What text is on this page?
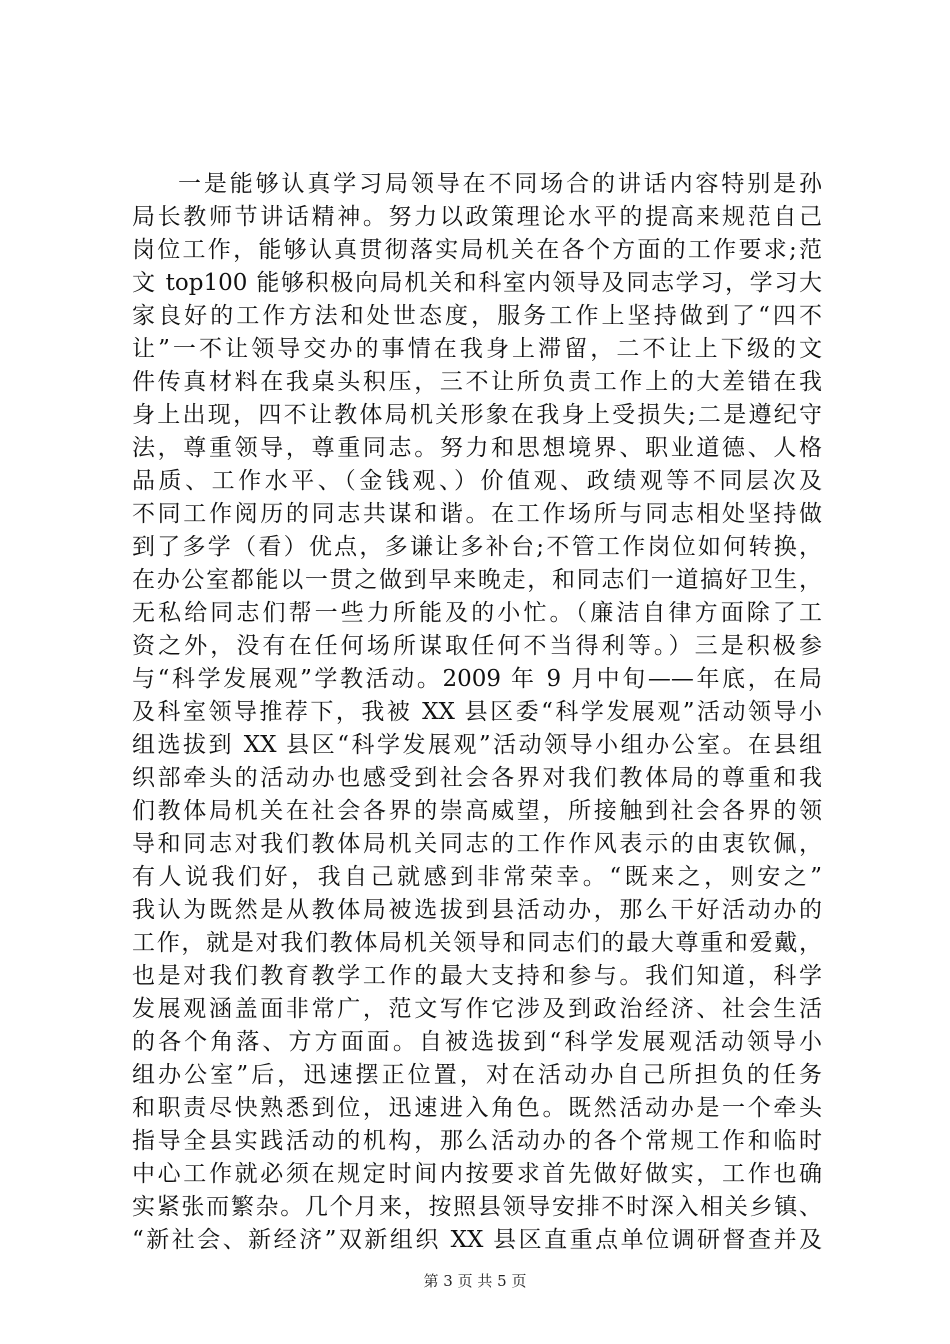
一是能够认真学习局领导在不同场合的讲话内容特别是孙
局长教师节讲话精神。努力以政策理论水平的提高来规范自己
岗位工作，能够认真贯彻落实局机关在各个方面的工作要求;范
文 top100 能够积极向局机关和科室内领导及同志学习，学习大
家良好的工作方法和处世态度，服务工作上坚持做到了“四不
让”一不让领导交办的事情在我身上滞留，二不让上下级的文
件传真材料在我桌头积压，三不让所负责工作上的大差错在我
身上出现，四不让教体局机关形象在我身上受损失;二是遵纪守
法，尊重领导，尊重同志。努力和思想境界、职业道德、人格
品质、工作水平、（金钱观、）价值观、政绩观等不同层次及
不同工作阅历的同志共谋和谐。在工作场所与同志相处坚持做
到了多学（看）优点，多谦让多补台;不管工作岗位如何转换，
在办公室都能以一贯之做到早来晚走，和同志们一道搞好卫生，
无私给同志们帮一些力所能及的小忙。（廉洁自律方面除了工
资之外，没有在任何场所谋取任何不当得利等。）三是积极参
与“科学发展观”学教活动。2009 年 9 月中旬——年底，在局
及科室领导推荐下，我被 XX 县区委“科学发展观”活动领导小
组选拔到 XX 县区“科学发展观”活动领导小组办公室。在县组
织部牵头的活动办也感受到社会各界对我们教体局的尊重和我
们教体局机关在社会各界的崇高威望，所接触到社会各界的领
导和同志对我们教体局机关同志的工作作风表示的由衷钦佩，
有人说我们好，我自己就感到非常荣幸。“既来之，则安之”
我认为既然是从教体局被选拔到县活动办，那么干好活动办的
工作，就是对我们教体局机关领导和同志们的最大尊重和爱戴，
也是对我们教育教学工作的最大支持和参与。我们知道，科学
发展观涵盖面非常广，范文写作它涉及到政治经济、社会生活
的各个角落、方方面面。自被选拔到“科学发展观活动领导小
组办公室”后，迅速摆正位置，对在活动办自己所担负的任务
和职责尽快熟悉到位，迅速进入角色。既然活动办是一个牵头
指导全县实践活动的机构，那么活动办的各个常规工作和临时
中心工作就必须在规定时间内按要求首先做好做实，工作也确
实紧张而繁杂。几个月来，按照县领导安排不时深入相关乡镇、
“新社会、新经济”双新组织 XX 县区直重点单位调研督查并及
第 3 页 共 5 页
